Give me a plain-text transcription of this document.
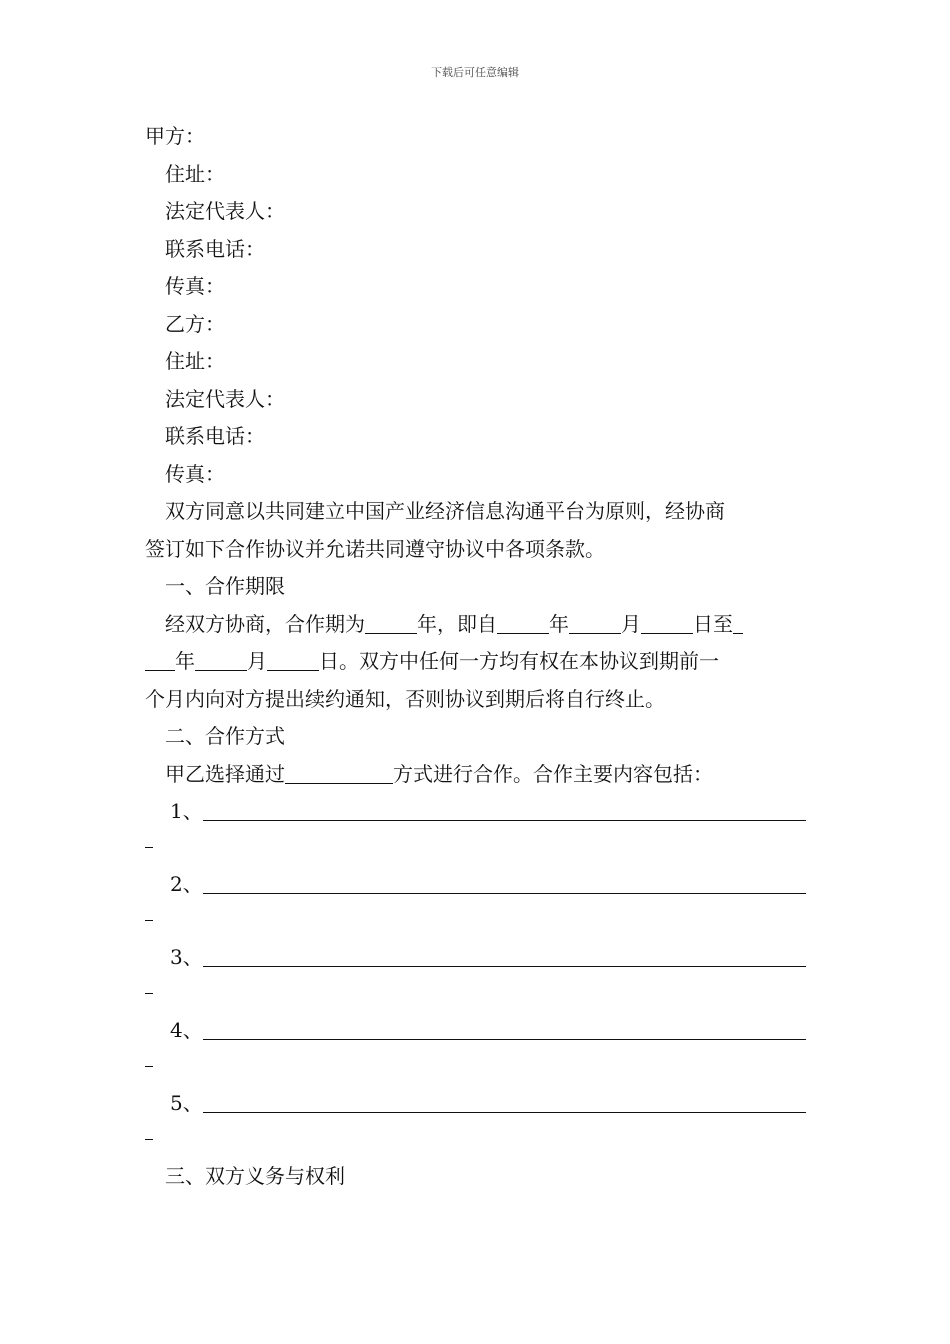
下载后可任意编辑
甲方：
住址：
法定代表人：
联系电话：
传真：
乙方：
住址：
法定代表人：
联系电话：
传真：
双方同意以共同建立中国产业经济信息沟通平台为原则，经协商
签订如下合作协议并允诺共同遵守协议中各项条款。
一、合作期限
经双方协商，合作期为	年，即自	年	月	日至
年	月	日。双方中任何一方均有权在本协议到期前一
个月内向对方提出续约通知，否则协议到期后将自行终止。
二、合作方式
甲乙选择通过	方式进行合作。合作主要内容包括：
1、
2、
3、
4、
5、
三、双方义务与权利
